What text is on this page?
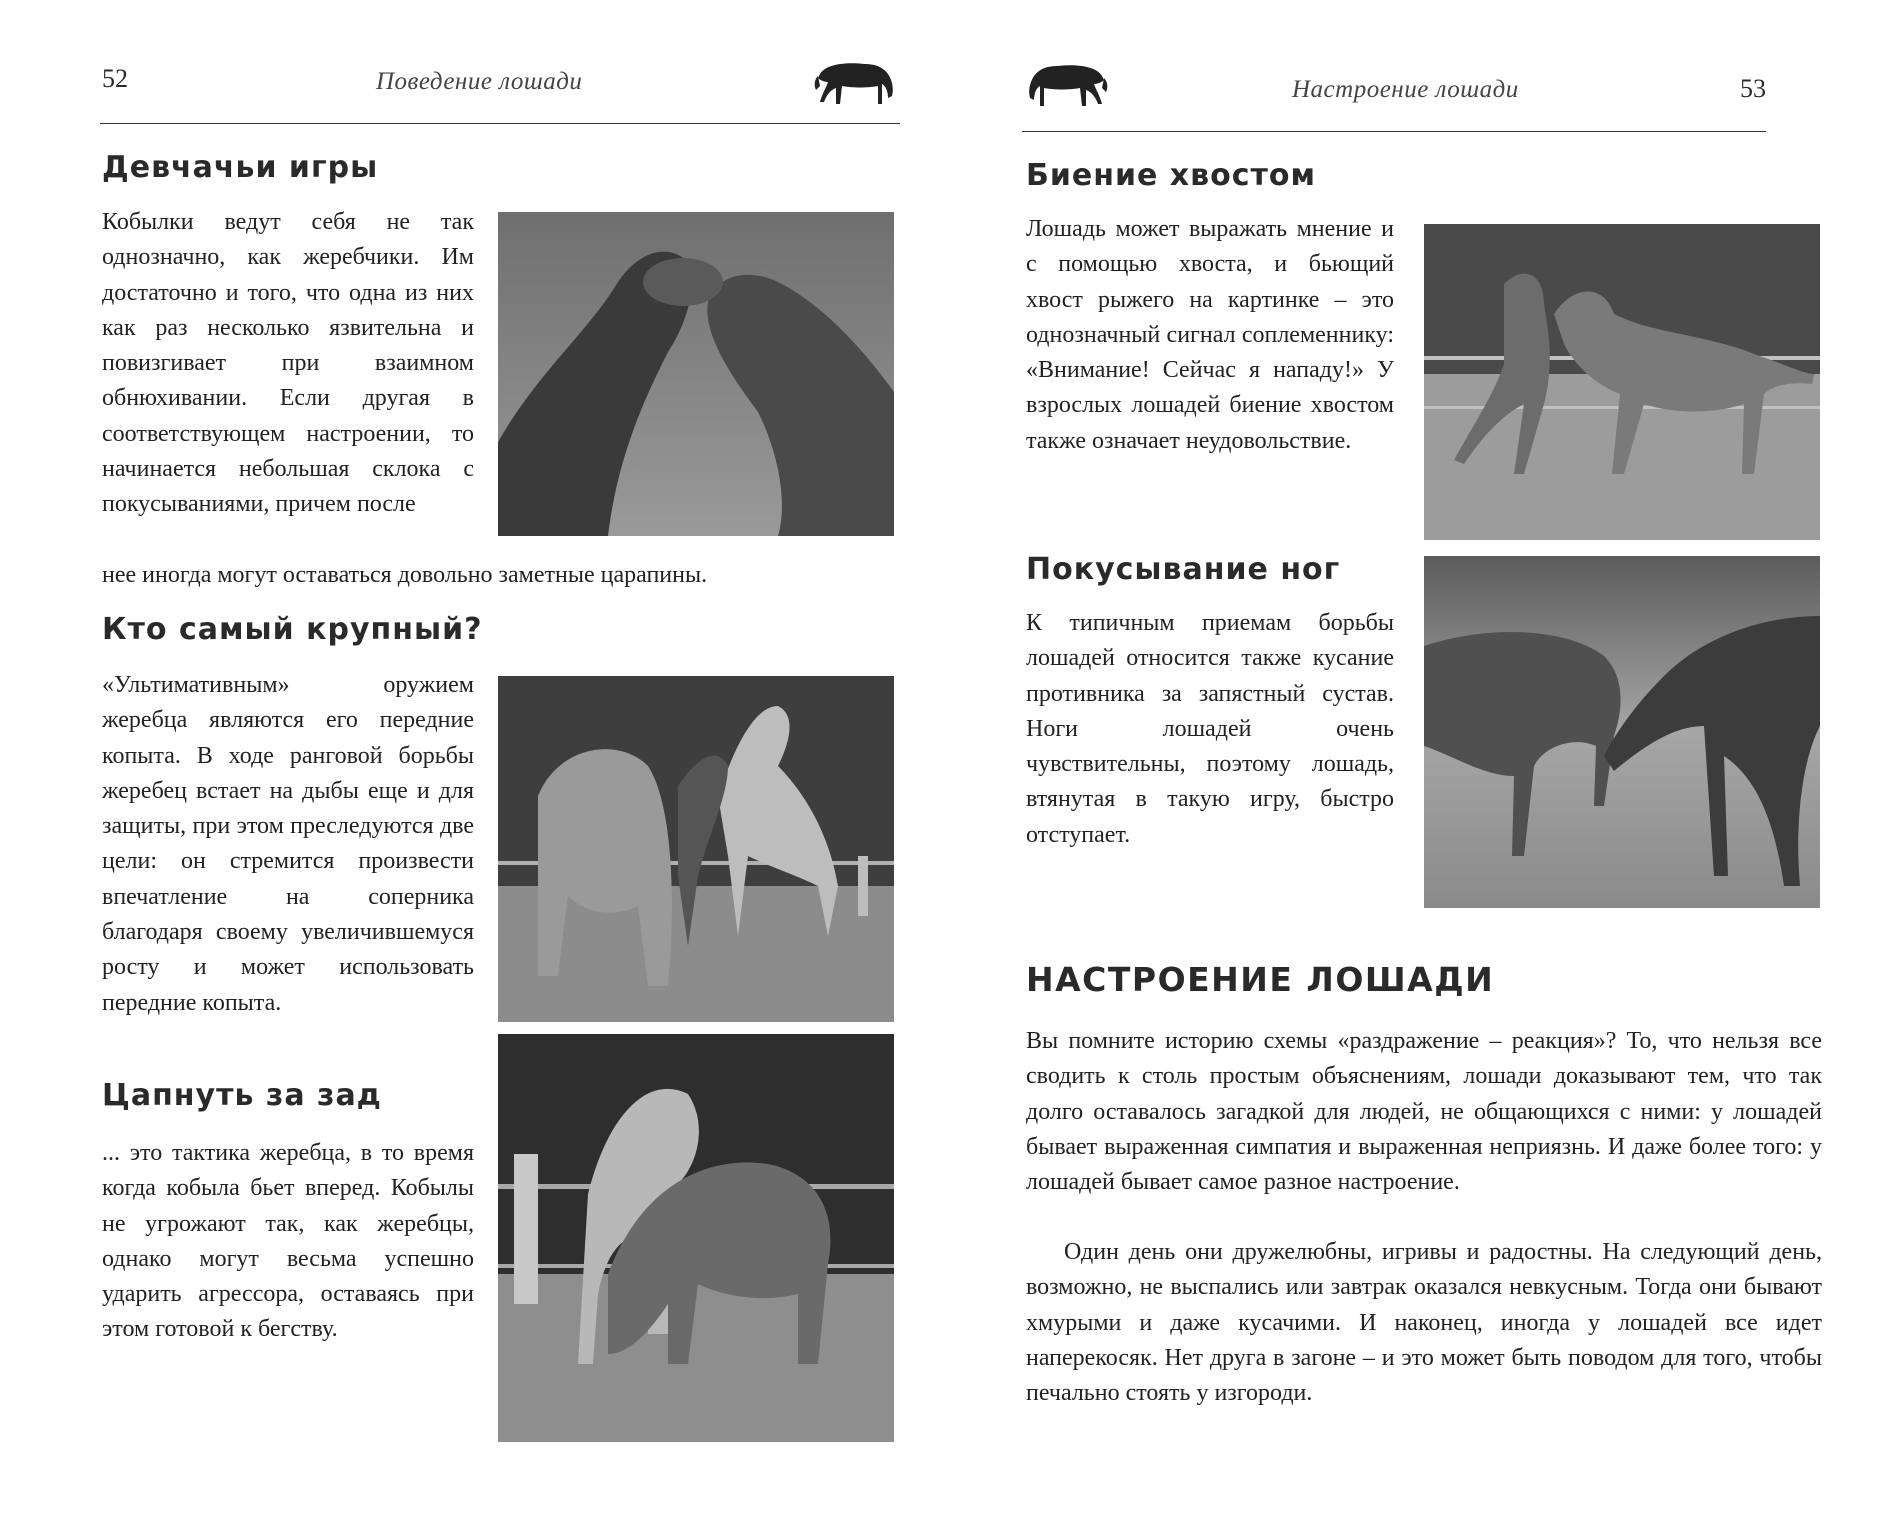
52	Поведение лошади
Девчачьи игры
Кобылки ведут себя не так однозначно, как жеребчики. Им достаточно и того, что одна из них как раз несколько язвительна и повизгивает при взаимном обнюхивании. Если другая в соответствующем настроении, то начинается небольшая склока с покусываниями, причем после
нее иногда могут оставаться довольно заметные царапины.
Кто самый крупный?
«Ультимативным» оружием жеребца являются его передние копыта. В ходе ранговой борьбы жеребец встает на дыбы еще и для защиты, при этом преследуются две цели: он стремится произвести впечатление на соперника благодаря своему увеличившемуся росту и может использовать передние копыта.
Цапнуть за зад
... это тактика жеребца, в то время когда кобыла бьет вперед. Кобылы не угрожают так, как жеребцы, однако могут весьма успешно ударить агрессора, оставаясь при этом готовой к бегству.
Настроение лошади	53
Биение хвостом
Лошадь может выражать мнение и с помощью хвоста, и бьющий хвост рыжего на картинке – это однозначный сигнал соплеменнику: «Внимание! Сейчас я нападу!» У взрослых лошадей биение хвостом также означает неудовольствие.
Покусывание ног
К типичным приемам борьбы лошадей относится также кусание противника за запястный сустав. Ноги лошадей очень чувствительны, поэтому лошадь, втянутая в такую игру, быстро отступает.
НАСТРОЕНИЕ ЛОШАДИ
Вы помните историю схемы «раздражение – реакция»? То, что нельзя все сводить к столь простым объяснениям, лошади доказывают тем, что так долго оставалось загадкой для людей, не общающихся с ними: у лошадей бывает выраженная симпатия и выраженная неприязнь. И даже более того: у лошадей бывает самое разное настроение.
Один день они дружелюбны, игривы и радостны. На следующий день, возможно, не выспались или завтрак оказался невкусным. Тогда они бывают хмурыми и даже кусачими. И наконец, иногда у лошадей все идет наперекосяк. Нет друга в загоне – и это может быть поводом для того, чтобы печально стоять у изгороди.
